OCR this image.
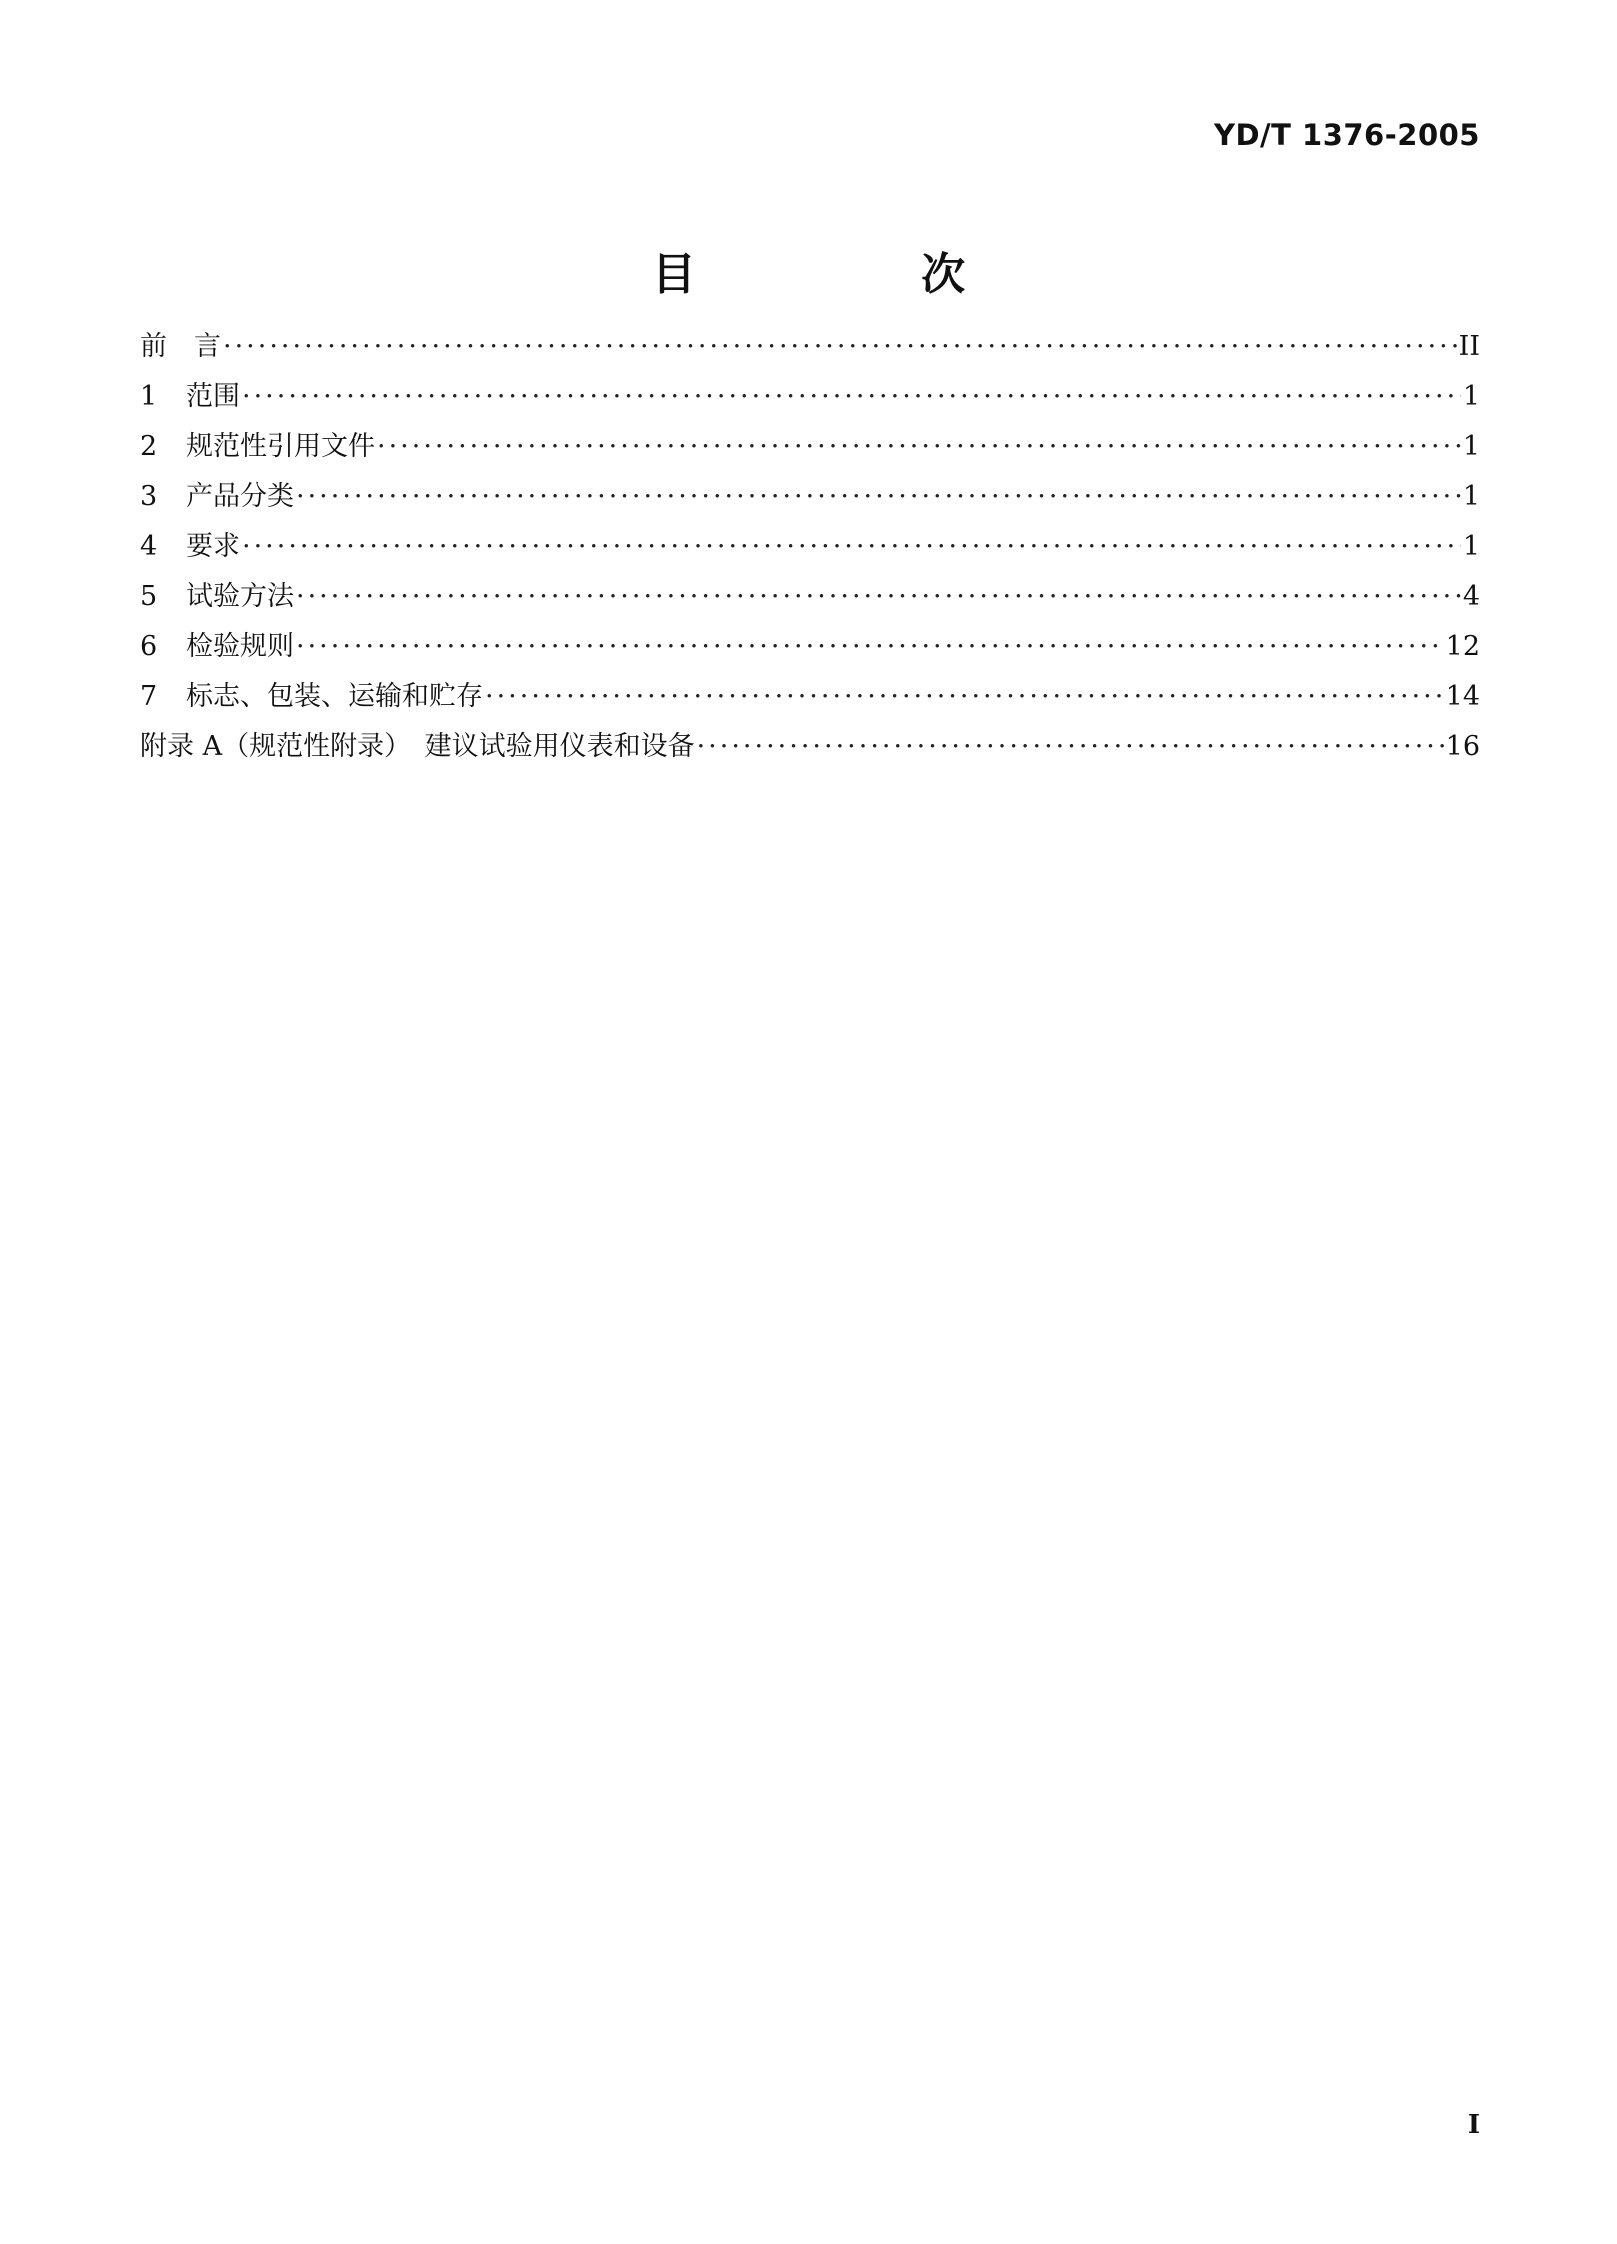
YD/T 1376-2005
目 次
前　言 ·····	II
1	范围 ·····	1
2	规范性引用文件 ·····	1
3	产品分类 ·····	1
4	要求 ·····	1
5	试验方法 ·····	4
6	检验规则 ·····	12
7	标志、包装、运输和贮存 ·····	14
附录 A（规范性附录）　建议试验用仪表和设备 ·····	16
I
